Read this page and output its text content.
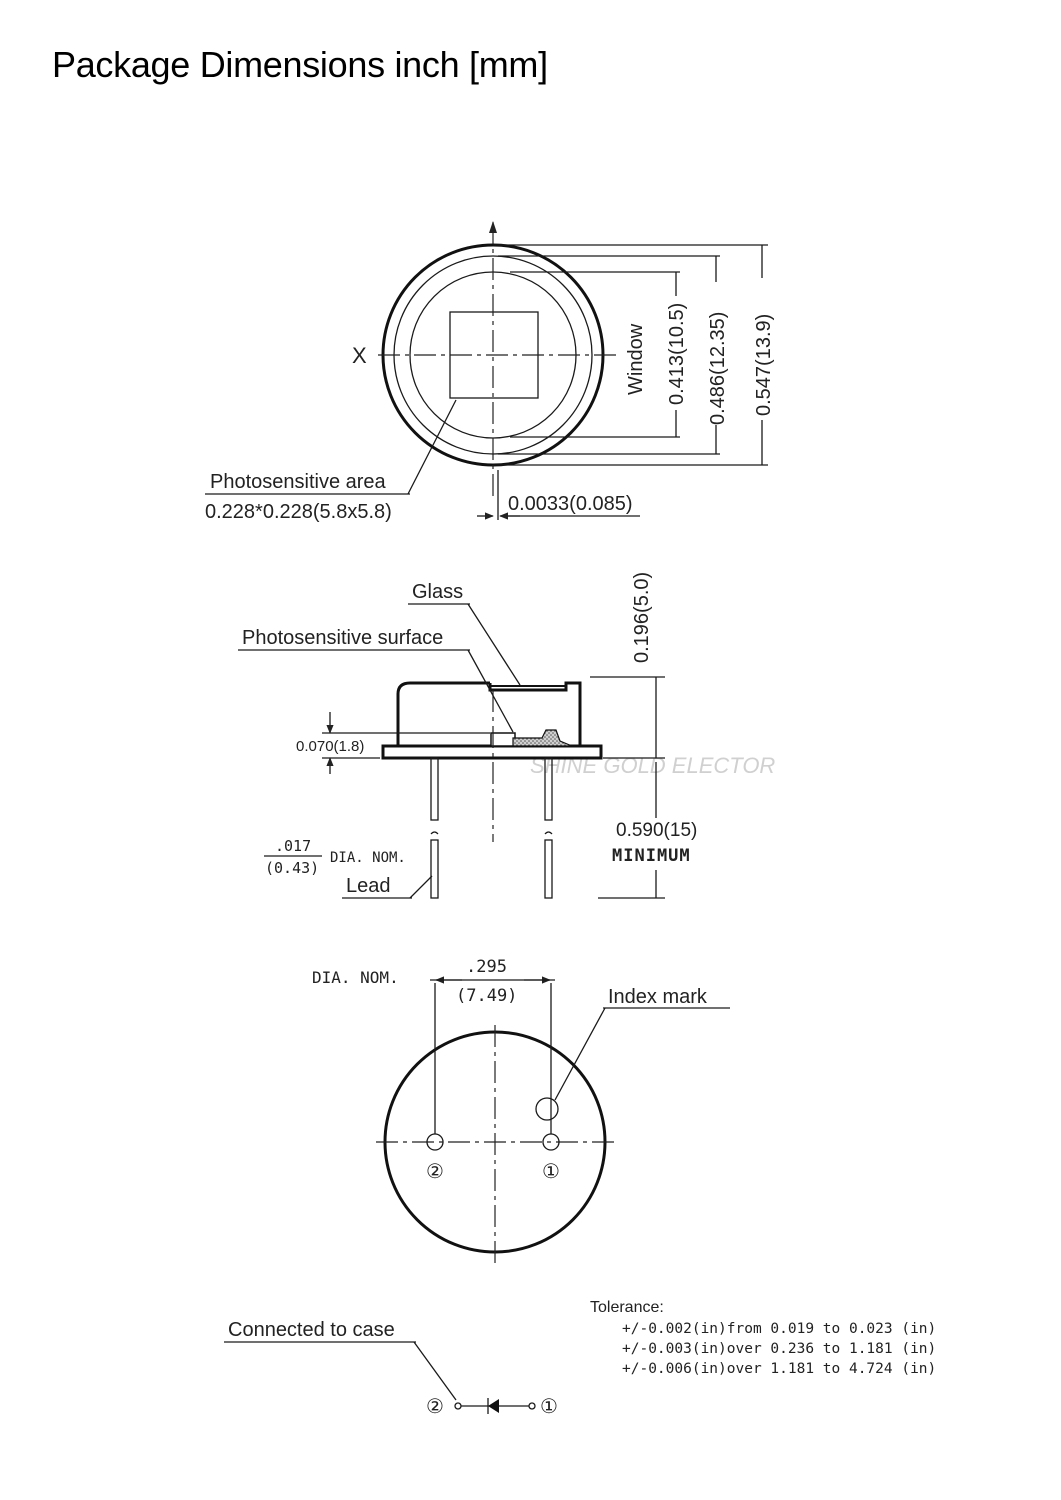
Package Dimensions inch [mm]
X	Window 0.413(10.5) 0.486(12.35) 0.547(13.9)
Photosensitive area
0.228*0.228(5.8x5.8)	0.0033(0.085)
SHINE GOLD ELECTOR
Glass
Photosensitive surface	0.196(5.0)
0.070(1.8)
0.590(15)
MINIMUM
.017
(0.43)
DIA. NOM.
Lead
.295
(7.49)
DIA. NOM.
Index mark
②	①
Tolerance:
+/-0.002(in)from 0.019 to 0.023 (in)
+/-0.003(in)over 0.236 to 1.181 (in)
+/-0.006(in)over 1.181 to 4.724 (in)
Connected to case
②	①
